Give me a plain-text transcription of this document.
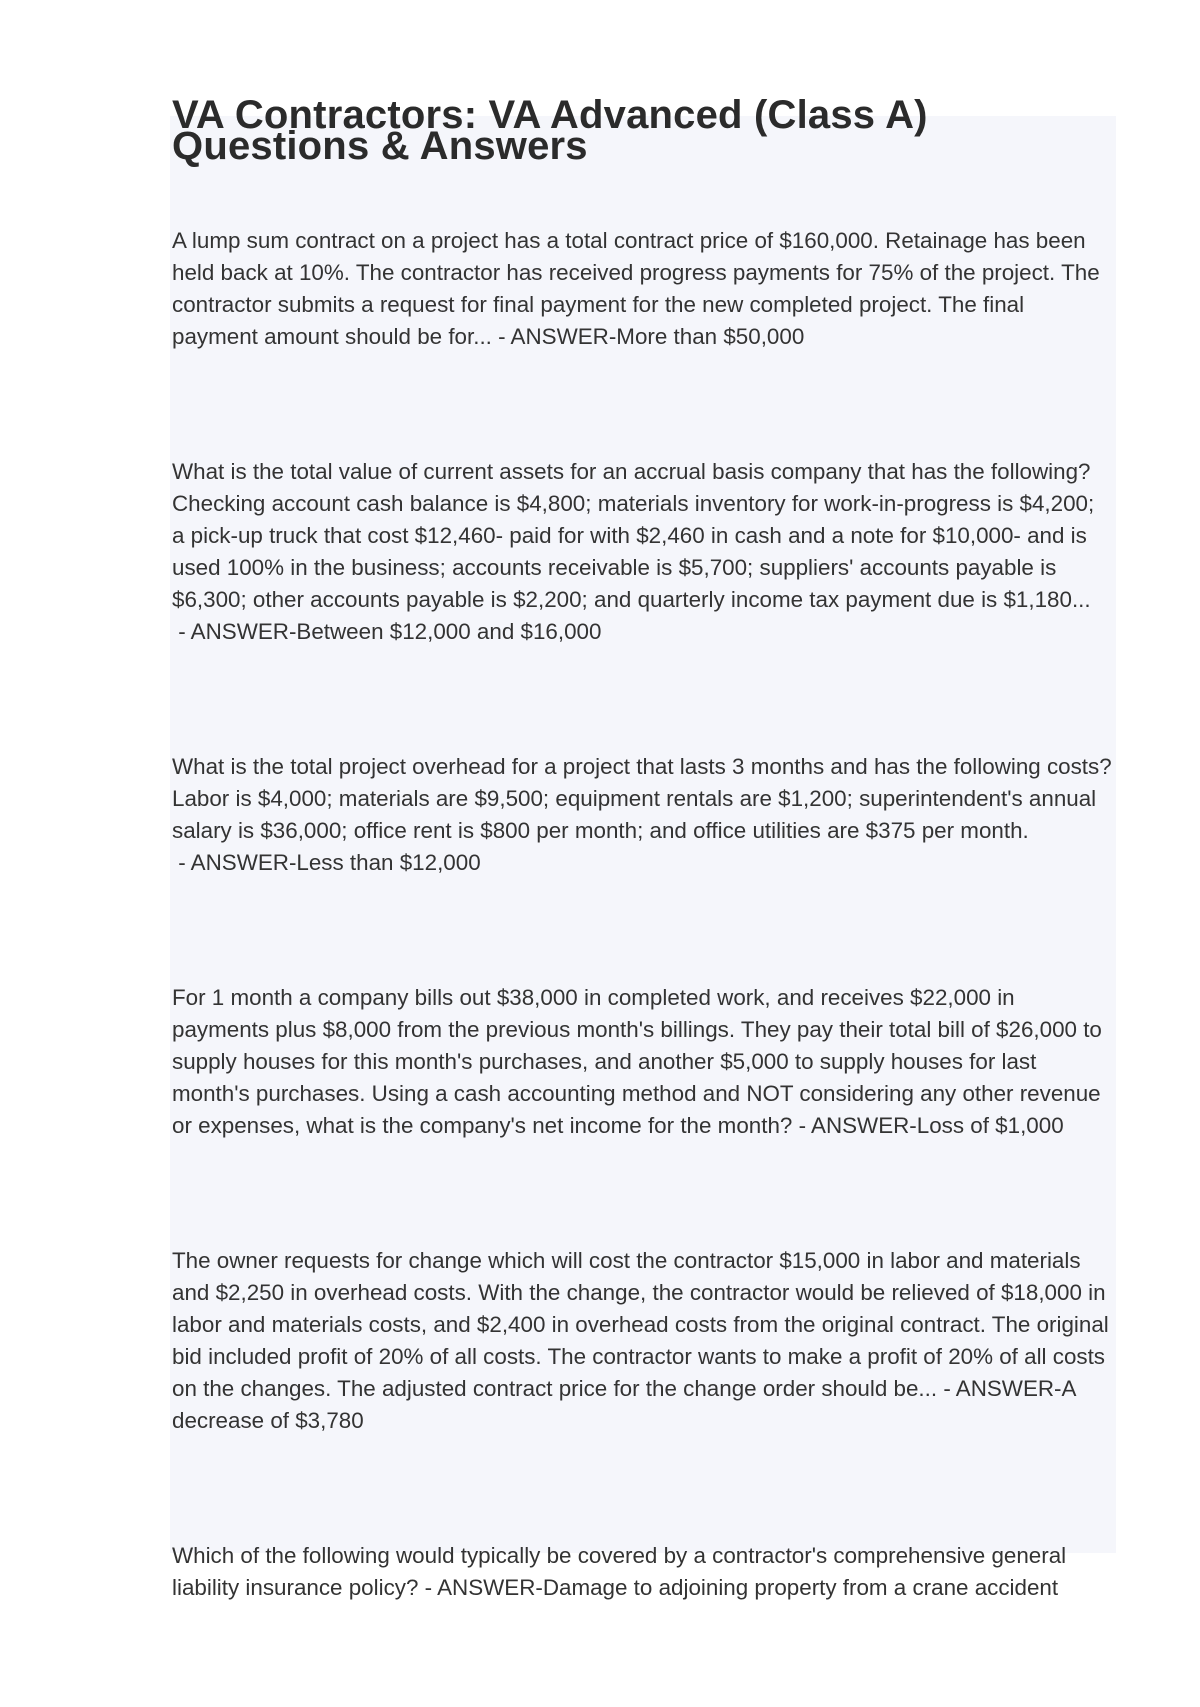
VA Contractors: VA Advanced (Class A)
Questions & Answers

A lump sum contract on a project has a total contract price of $160,000. Retainage has been held back at 10%. The contractor has received progress payments for 75% of the project. The contractor submits a request for final payment for the new completed project. The final payment amount should be for... - ANSWER-More than $50,000

What is the total value of current assets for an accrual basis company that has the following? Checking account cash balance is $4,800; materials inventory for work-in-progress is $4,200; a pick-up truck that cost $12,460- paid for with $2,460 in cash and a note for $10,000- and is used 100% in the business; accounts receivable is $5,700; suppliers' accounts payable is $6,300; other accounts payable is $2,200; and quarterly income tax payment due is $1,180... - ANSWER-Between $12,000 and $16,000

What is the total project overhead for a project that lasts 3 months and has the following costs? Labor is $4,000; materials are $9,500; equipment rentals are $1,200; superintendent's annual salary is $36,000; office rent is $800 per month; and office utilities are $375 per month. - ANSWER-Less than $12,000

For 1 month a company bills out $38,000 in completed work, and receives $22,000 in payments plus $8,000 from the previous month's billings. They pay their total bill of $26,000 to supply houses for this month's purchases, and another $5,000 to supply houses for last month's purchases. Using a cash accounting method and NOT considering any other revenue or expenses, what is the company's net income for the month? - ANSWER-Loss of $1,000

The owner requests for change which will cost the contractor $15,000 in labor and materials and $2,250 in overhead costs. With the change, the contractor would be relieved of $18,000 in labor and materials costs, and $2,400 in overhead costs from the original contract. The original bid included profit of 20% of all costs. The contractor wants to make a profit of 20% of all costs on the changes. The adjusted contract price for the change order should be... - ANSWER-A decrease of $3,780

Which of the following would typically be covered by a contractor's comprehensive general liability insurance policy? - ANSWER-Damage to adjoining property from a crane accident
